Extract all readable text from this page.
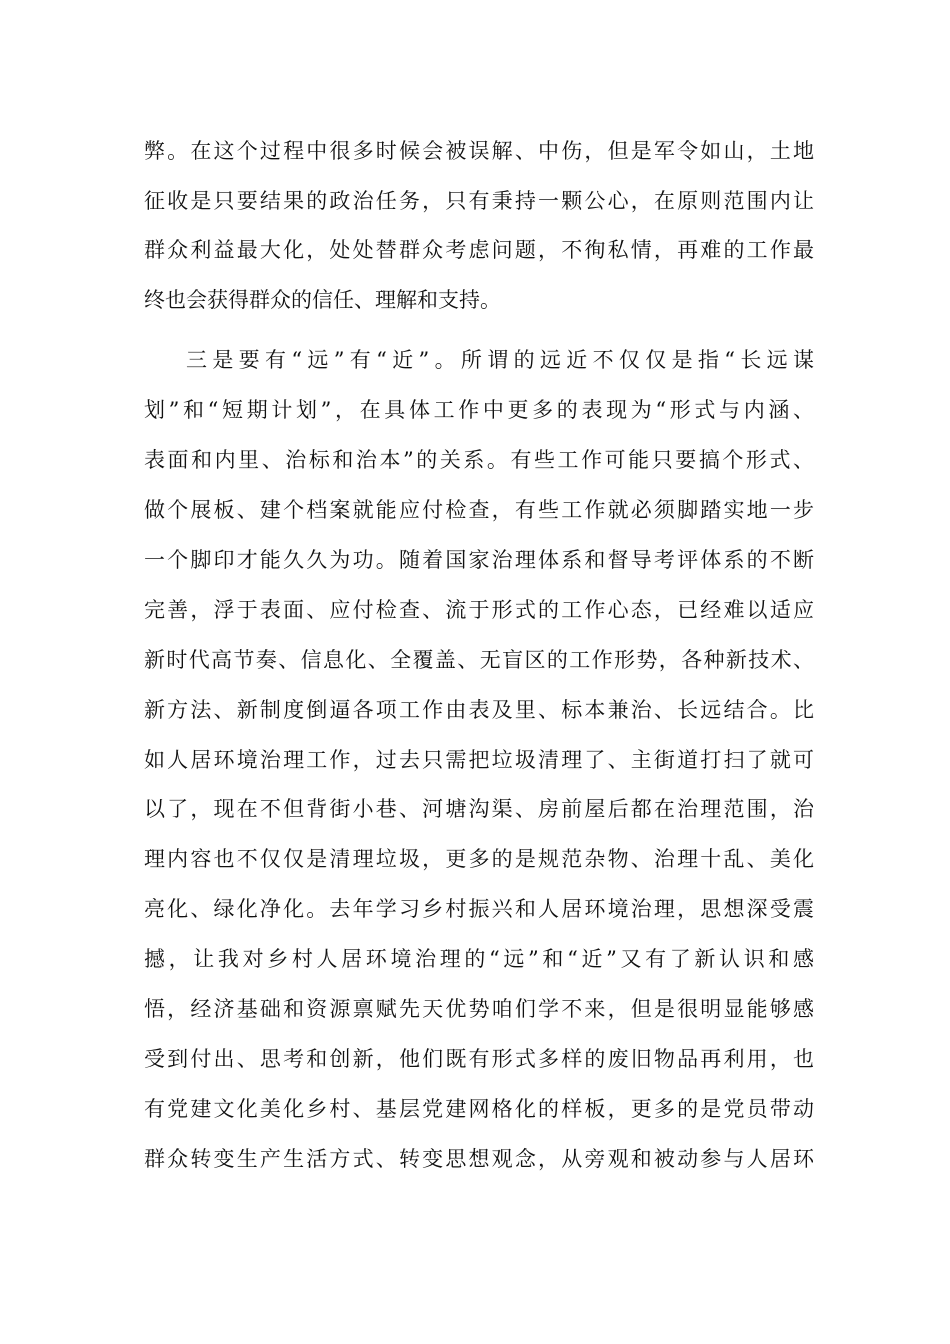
弊。在这个过程中很多时候会被误解、中伤，但是军令如山，土地
征收是只要结果的政治任务，只有秉持一颗公心，在原则范围内让
群众利益最大化，处处替群众考虑问题，不徇私情，再难的工作最
终也会获得群众的信任、理解和支持。
三是要有“远”有“近”。所谓的远近不仅仅是指“长远谋
划”和“短期计划”，在具体工作中更多的表现为“形式与内涵、
表面和内里、治标和治本”的关系。有些工作可能只要搞个形式、
做个展板、建个档案就能应付检查，有些工作就必须脚踏实地一步
一个脚印才能久久为功。随着国家治理体系和督导考评体系的不断
完善，浮于表面、应付检查、流于形式的工作心态，已经难以适应
新时代高节奏、信息化、全覆盖、无盲区的工作形势，各种新技术、
新方法、新制度倒逼各项工作由表及里、标本兼治、长远结合。比
如人居环境治理工作，过去只需把垃圾清理了、主街道打扫了就可
以了，现在不但背街小巷、河塘沟渠、房前屋后都在治理范围，治
理内容也不仅仅是清理垃圾，更多的是规范杂物、治理十乱、美化
亮化、绿化净化。去年学习乡村振兴和人居环境治理，思想深受震
撼，让我对乡村人居环境治理的“远”和“近”又有了新认识和感
悟，经济基础和资源禀赋先天优势咱们学不来，但是很明显能够感
受到付出、思考和创新，他们既有形式多样的废旧物品再利用，也
有党建文化美化乡村、基层党建网格化的样板，更多的是党员带动
群众转变生产生活方式、转变思想观念，从旁观和被动参与人居环
